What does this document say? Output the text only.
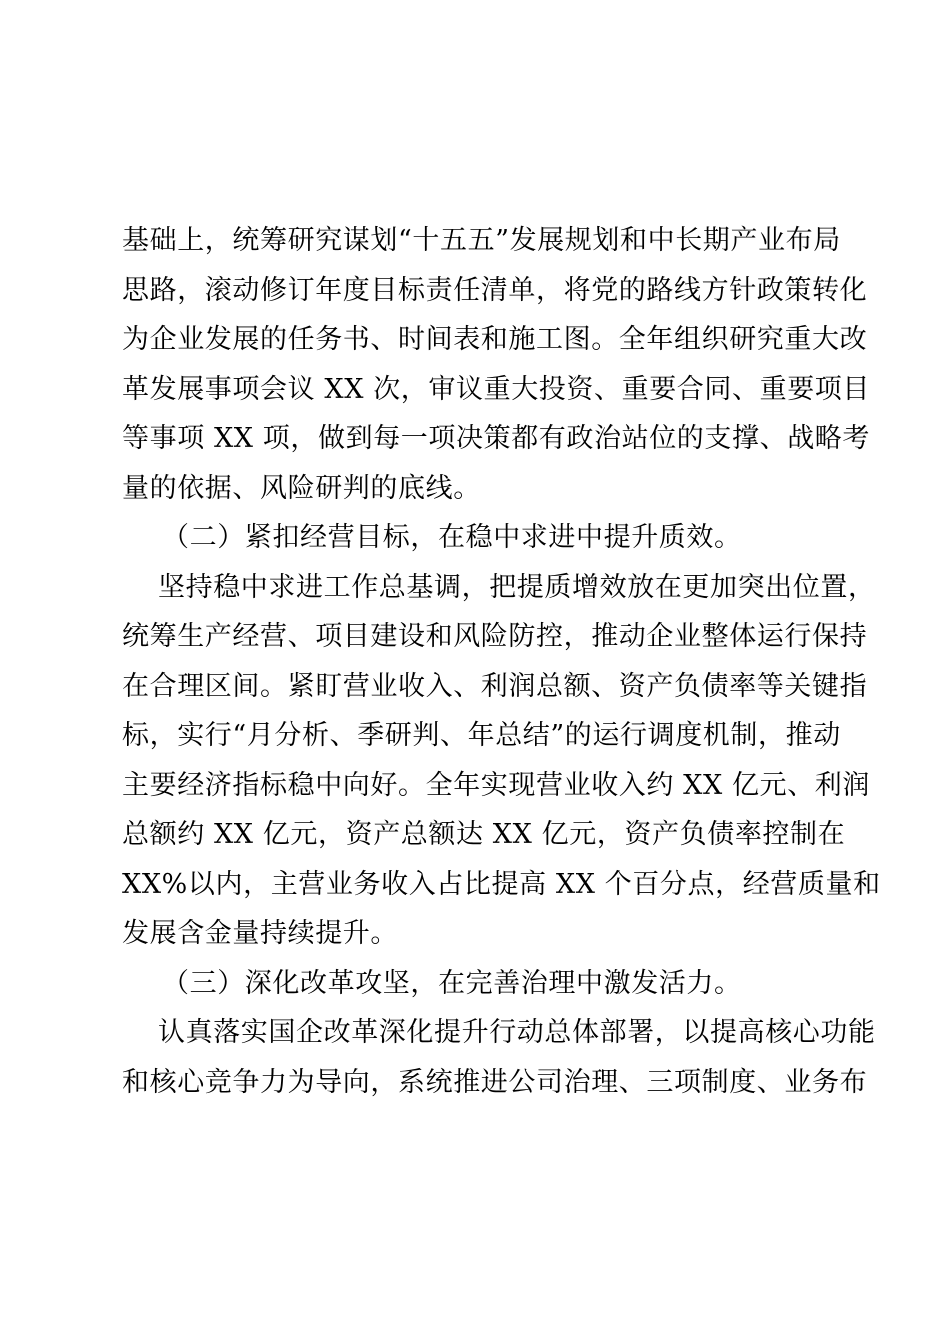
基础上，统筹研究谋划“十五五”发展规划和中长期产业布局
思路，滚动修订年度目标责任清单，将党的路线方针政策转化
为企业发展的任务书、时间表和施工图。全年组织研究重大改
革发展事项会议 XX 次，审议重大投资、重要合同、重要项目
等事项 XX 项，做到每一项决策都有政治站位的支撑、战略考
量的依据、风险研判的底线。
（二）紧扣经营目标，在稳中求进中提升质效。
坚持稳中求进工作总基调，把提质增效放在更加突出位置，
统筹生产经营、项目建设和风险防控，推动企业整体运行保持
在合理区间。紧盯营业收入、利润总额、资产负债率等关键指
标，实行“月分析、季研判、年总结”的运行调度机制，推动
主要经济指标稳中向好。全年实现营业收入约 XX 亿元、利润
总额约 XX 亿元，资产总额达 XX 亿元，资产负债率控制在
XX%以内，主营业务收入占比提高 XX 个百分点，经营质量和
发展含金量持续提升。
（三）深化改革攻坚，在完善治理中激发活力。
认真落实国企改革深化提升行动总体部署，以提高核心功能
和核心竞争力为导向，系统推进公司治理、三项制度、业务布
